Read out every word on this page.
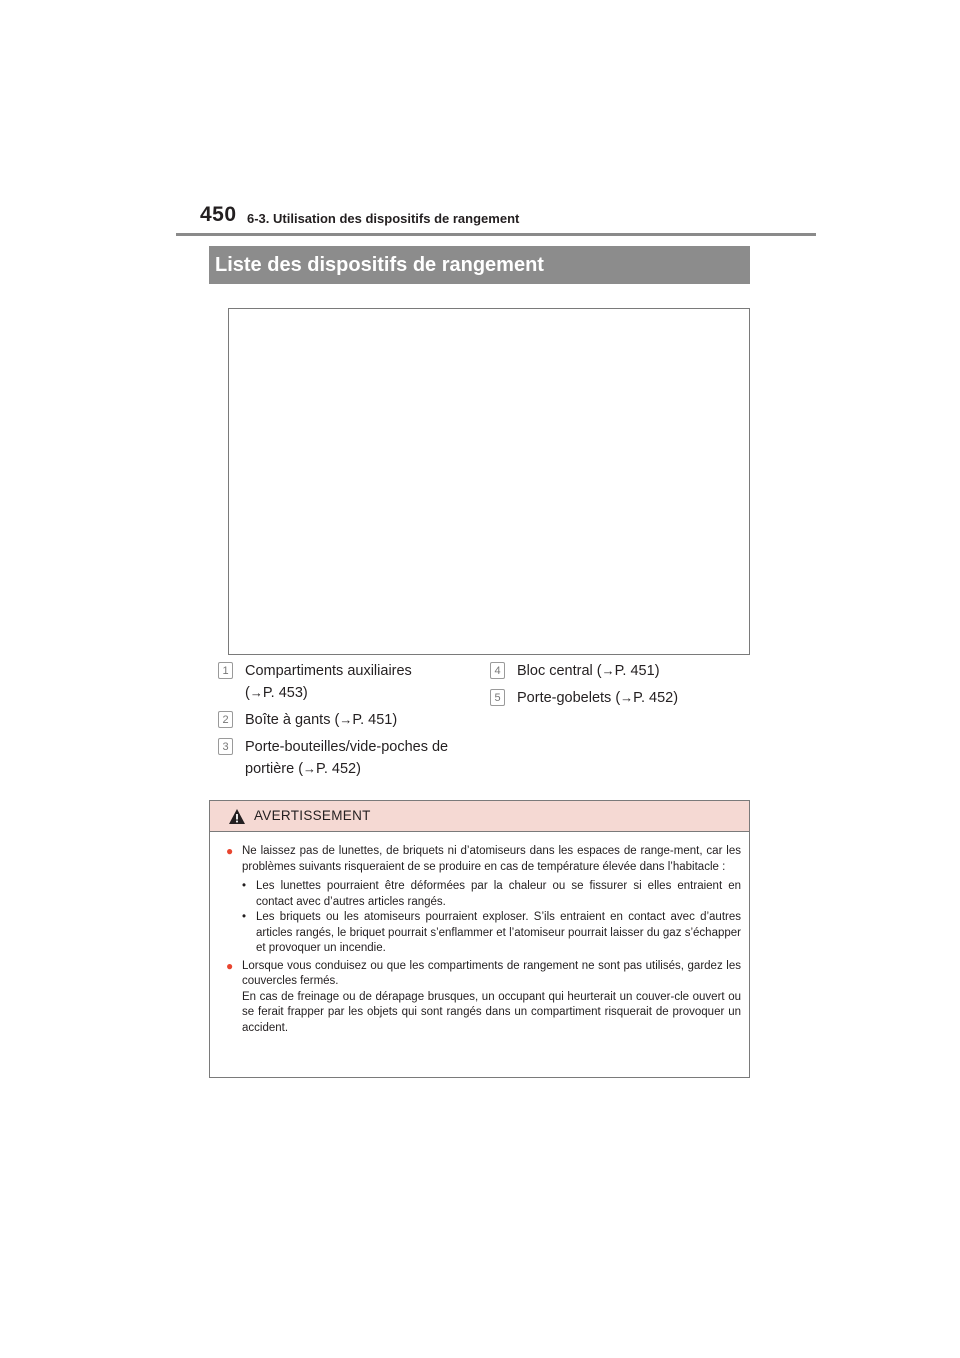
450 6-3. Utilisation des dispositifs de rangement
Liste des dispositifs de rangement
1	Compartiments auxiliaires
(→P. 453)
2	Boîte à gants (→P. 451)
3	Porte-bouteilles/vide-poches de
portière (→P. 452)
4	Bloc central (→P. 451)
5	Porte-gobelets (→P. 452)
AVERTISSEMENT
● Ne laissez pas de lunettes, de briquets ni d’atomiseurs dans les espaces de range-ment, car les problèmes suivants risqueraient de se produire en cas de température élevée dans l’habitacle :
• Les lunettes pourraient être déformées par la chaleur ou se fissurer si elles entraient en contact avec d’autres articles rangés.
• Les briquets ou les atomiseurs pourraient exploser. S’ils entraient en contact avec d’autres articles rangés, le briquet pourrait s’enflammer et l’atomiseur pourrait laisser du gaz s’échapper et provoquer un incendie.
● Lorsque vous conduisez ou que les compartiments de rangement ne sont pas utilisés, gardez les couvercles fermés.
En cas de freinage ou de dérapage brusques, un occupant qui heurterait un couver-cle ouvert ou se ferait frapper par les objets qui sont rangés dans un compartiment risquerait de provoquer un accident.
